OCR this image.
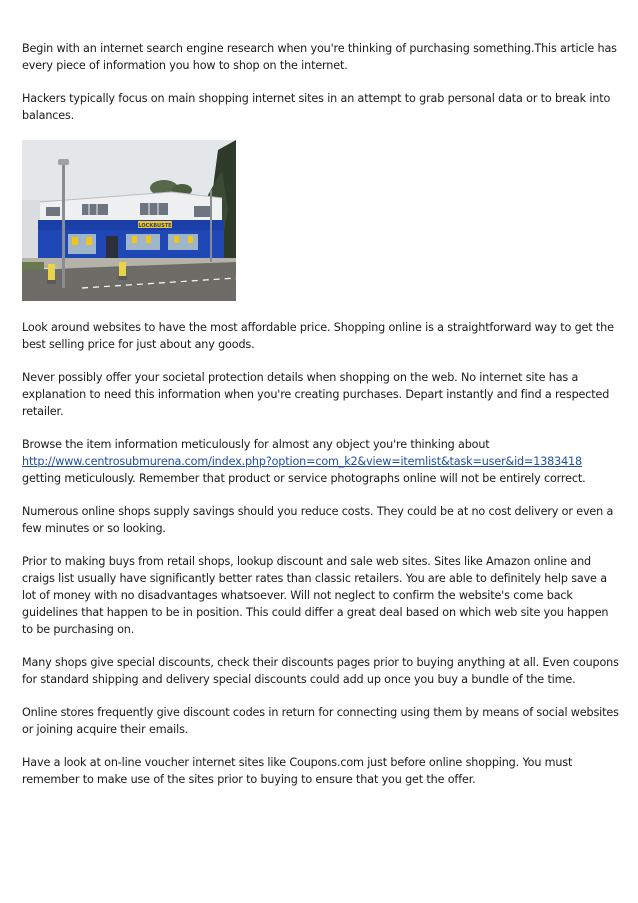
Begin with an internet search engine research when you're thinking of purchasing something.This article has every piece of information you how to shop on the internet.

Hackers typically focus on main shopping internet sites in an attempt to grab personal data or to break into balances.

BLOCKBUSTER

Look around websites to have the most affordable price. Shopping online is a straightforward way to get the best selling price for just about any goods.

Never possibly offer your societal protection details when shopping on the web. No internet site has a explanation to need this information when you're creating purchases. Depart instantly and find a respected retailer.

Browse the item information meticulously for almost any object you're thinking about http://www.centrosubmurena.com/index.php?option=com_k2&view=itemlist&task=user&id=1383418 getting meticulously. Remember that product or service photographs online will not be entirely correct.

Numerous online shops supply savings should you reduce costs. They could be at no cost delivery or even a few minutes or so looking.

Prior to making buys from retail shops, lookup discount and sale web sites. Sites like Amazon online and craigs list usually have significantly better rates than classic retailers. You are able to definitely help save a lot of money with no disadvantages whatsoever. Will not neglect to confirm the website's come back guidelines that happen to be in position. This could differ a great deal based on which web site you happen to be purchasing on.

Many shops give special discounts, check their discounts pages prior to buying anything at all. Even coupons for standard shipping and delivery special discounts could add up once you buy a bundle of the time.

Online stores frequently give discount codes in return for connecting using them by means of social websites or joining acquire their emails.

Have a look at on-line voucher internet sites like Coupons.com just before online shopping. You must remember to make use of the sites prior to buying to ensure that you get the offer.
